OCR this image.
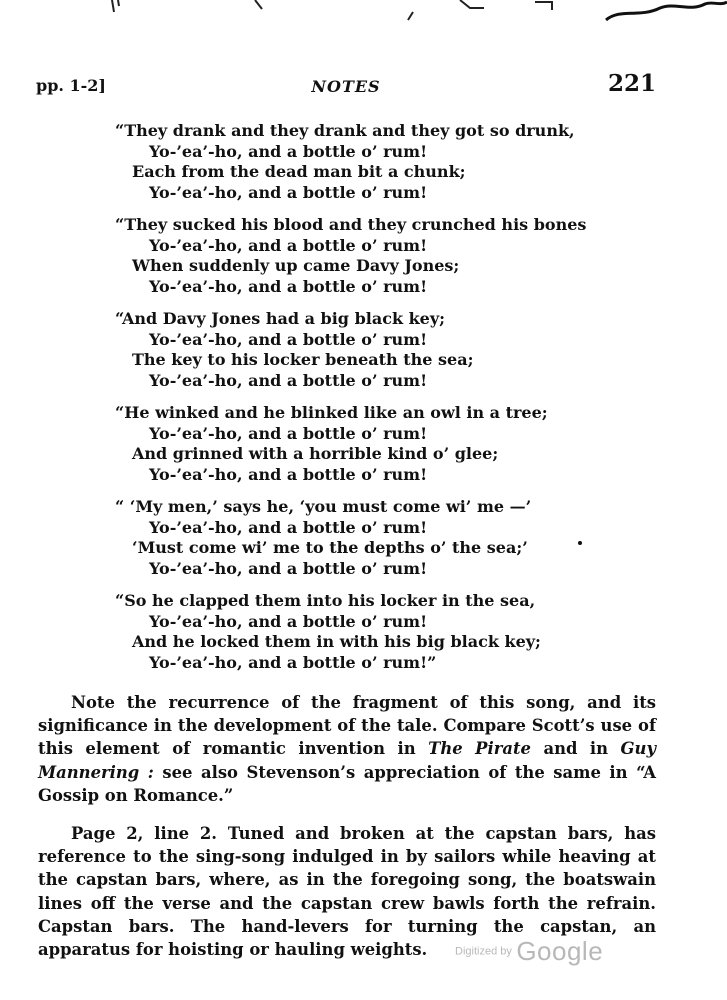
pp. 1-2]	NOTES	221
“They drank and they drank and they got so drunk,
Yo-’ea’-ho, and a bottle o’ rum!
Each from the dead man bit a chunk;
Yo-’ea’-ho, and a bottle o’ rum!
“They sucked his blood and they crunched his bones
Yo-’ea’-ho, and a bottle o’ rum!
When suddenly up came Davy Jones;
Yo-’ea’-ho, and a bottle o’ rum!
“And Davy Jones had a big black key;
Yo-’ea’-ho, and a bottle o’ rum!
The key to his locker beneath the sea;
Yo-’ea’-ho, and a bottle o’ rum!
“He winked and he blinked like an owl in a tree;
Yo-’ea’-ho, and a bottle o’ rum!
And grinned with a horrible kind o’ glee;
Yo-’ea’-ho, and a bottle o’ rum!
“ ‘My men,’ says he, ‘you must come wi’ me —’
Yo-’ea’-ho, and a bottle o’ rum!
‘Must come wi’ me to the depths o’ the sea;’
Yo-’ea’-ho, and a bottle o’ rum!
“So he clapped them into his locker in the sea,
Yo-’ea’-ho, and a bottle o’ rum!
And he locked them in with his big black key;
Yo-’ea’-ho, and a bottle o’ rum!”

Note the recurrence of the fragment of this song, and its significance in the development of the tale. Compare Scott’s use of this element of romantic invention in The Pirate and in Guy Mannering : see also Stevenson’s appreciation of the same in “A Gossip on Romance.”

Page 2, line 2. Tuned and broken at the capstan bars, has reference to the sing-song indulged in by sailors while heaving at the capstan bars, where, as in the foregoing song, the boatswain lines off the verse and the capstan crew bawls forth the refrain. Capstan bars. The hand-levers for turning the capstan, an apparatus for hoisting or hauling weights.	Digitized by Google
